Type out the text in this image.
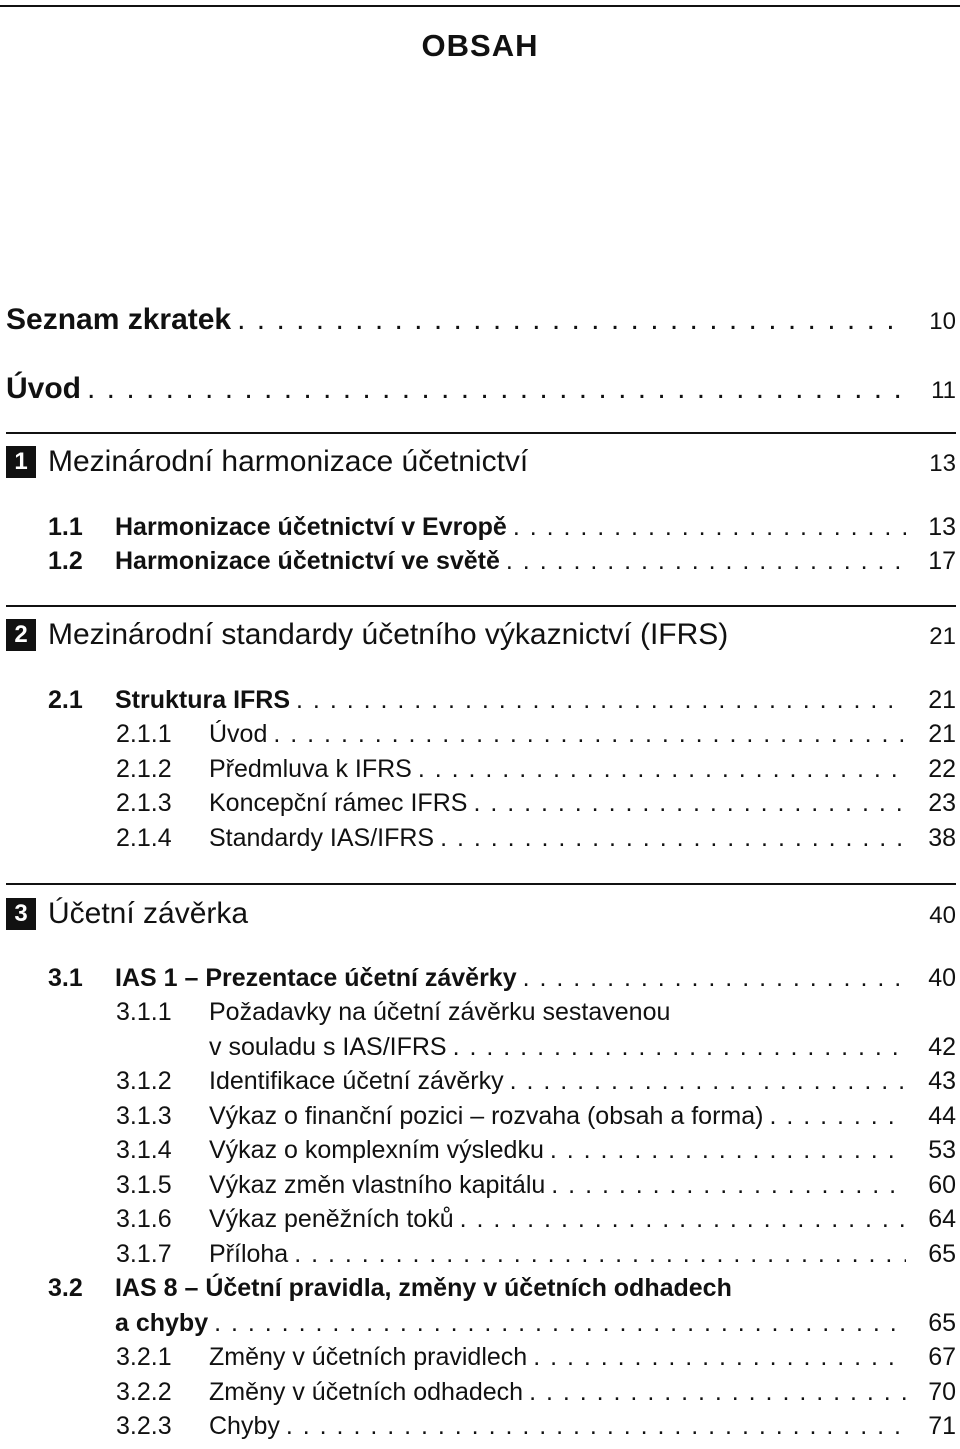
OBSAH
Seznam zkratek . . .	10
Úvod . . .	11
1 Mezinárodní harmonizace účetnictví	13
1.1	Harmonizace účetnictví v Evropě . . .	13
1.2	Harmonizace účetnictví ve světě . . .	17
2 Mezinárodní standardy účetního výkaznictví (IFRS)	21
2.1	Struktura IFRS . . .	21
2.1.1	Úvod . . .	21
2.1.2	Předmluva k IFRS . . .	22
2.1.3	Koncepční rámec IFRS . . .	23
2.1.4	Standardy IAS/IFRS . . .	38
3 Účetní závěrka	40
3.1	IAS 1 – Prezentace účetní závěrky . . .	40
3.1.1	Požadavky na účetní závěrku sestavenou
v souladu s IAS/IFRS . . .	42
3.1.2	Identifikace účetní závěrky . . .	43
3.1.3	Výkaz o finanční pozici – rozvaha (obsah a forma) . . .	44
3.1.4	Výkaz o komplexním výsledku . . .	53
3.1.5	Výkaz změn vlastního kapitálu . . .	60
3.1.6	Výkaz peněžních toků . . .	64
3.1.7	Příloha . . .	65
3.2	IAS 8 – Účetní pravidla, změny v účetních odhadech
a chyby . . .	65
3.2.1	Změny v účetních pravidlech . . .	67
3.2.2	Změny v účetních odhadech . . .	70
3.2.3	Chyby . . .	71
